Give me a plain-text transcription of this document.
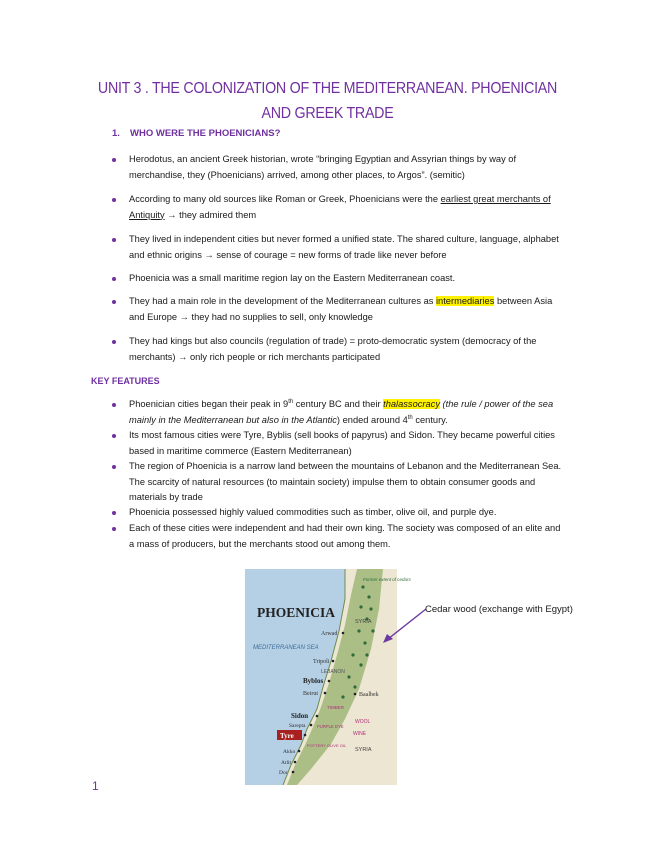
UNIT 3 . THE COLONIZATION OF THE MEDITERRANEAN. PHOENICIAN AND GREEK TRADE
1. WHO WERE THE PHOENICIANS?
Herodotus, an ancient Greek historian, wrote “bringing Egyptian and Assyrian things by way of merchandise, they (Phoenicians) arrived, among other places, to Argos”. (semitic)
According to many old sources like Roman or Greek, Phoenicians were the earliest great merchants of Antiquity → they admired them
They lived in independent cities but never formed a unified state. The shared culture, language, alphabet and ethnic origins → sense of courage = new forms of trade like never before
Phoenicia was a small maritime region lay on the Eastern Mediterranean coast.
They had a main role in the development of the Mediterranean cultures as intermediaries between Asia and Europe → they had no supplies to sell, only knowledge
They had kings but also councils (regulation of trade) = proto-democratic system (democracy of the merchants) → only rich people or rich merchants participated
KEY FEATURES
Phoenician cities began their peak in 9th century BC and their thalassocracy (the rule / power of the sea mainly in the Mediterranean but also in the Atlantic) ended around 4th century.
Its most famous cities were Tyre, Byblis (sell books of papyrus) and Sidon. They became powerful cities based in maritime commerce (Eastern Mediterranean)
The region of Phoenicia is a narrow land between the mountains of Lebanon and the Mediterranean Sea. The scarcity of natural resources (to maintain society) impulse them to obtain consumer goods and materials by trade
Phoenicia possessed highly valued commodities such as timber, olive oil, and purple dye.
Each of these cities were independent and had their own king. The society was composed of an elite and a mass of producers, but the merchants stood out among them.
PHOENICIA
MEDITERRANEAN SEA
Former extent of cedars
SYRIA
Arwad
Tripoli
LEBANON
Byblos
Beirut	Baalbek
TIMBER
Sidon
Sarepta	PURPLE DYE
WOOL
Tyre	WINE
POTTERY OLIVE OIL
SYRIA
Akko
Atlit
Dor
Cedar wood (exchange with Egypt)
1
